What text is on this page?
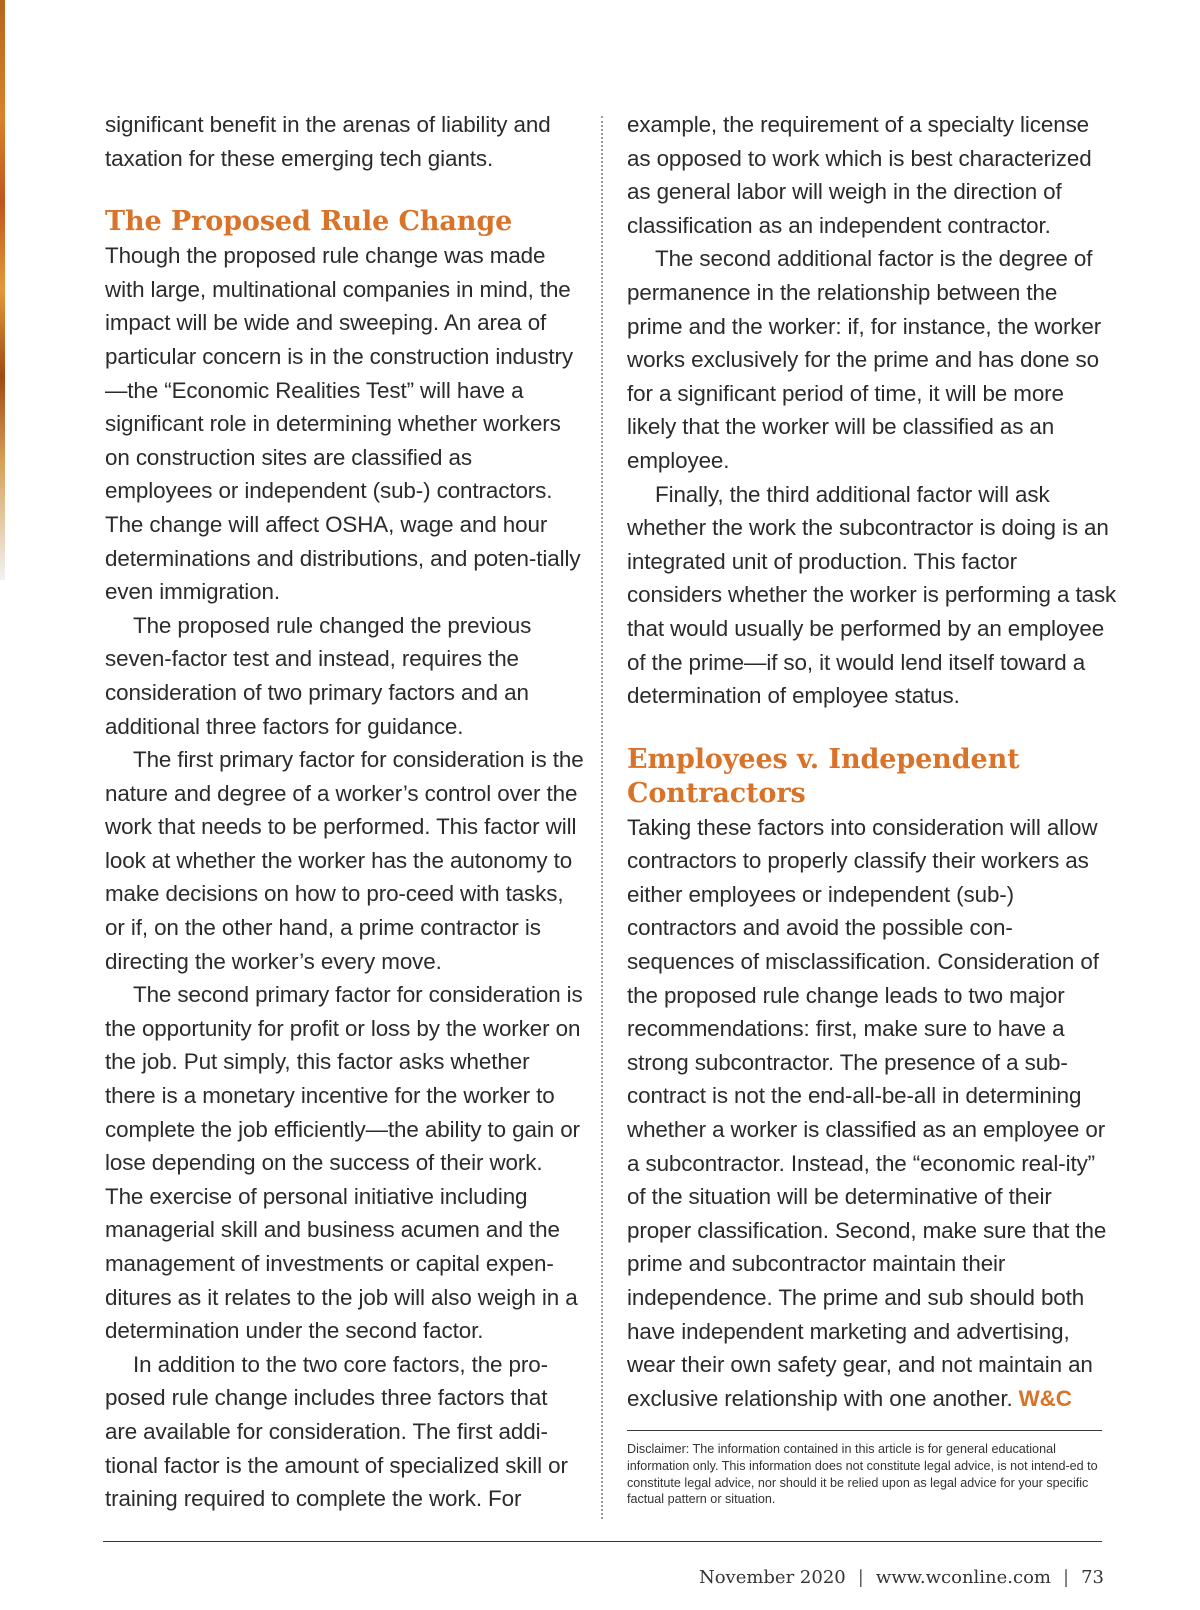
significant benefit in the arenas of liability and taxation for these emerging tech giants.

The Proposed Rule Change

Though the proposed rule change was made with large, multinational companies in mind, the impact will be wide and sweeping. An area of particular concern is in the construction industry—the “Economic Realities Test” will have a significant role in determining whether workers on construction sites are classified as employees or independent (sub-) contractors. The change will affect OSHA, wage and hour determinations and distributions, and poten-tially even immigration.

The proposed rule changed the previous seven-factor test and instead, requires the consideration of two primary factors and an additional three factors for guidance.

The first primary factor for consideration is the nature and degree of a worker’s control over the work that needs to be performed. This factor will look at whether the worker has the autonomy to make decisions on how to pro-ceed with tasks, or if, on the other hand, a prime contractor is directing the worker’s every move.

The second primary factor for consideration is the opportunity for profit or loss by the worker on the job. Put simply, this factor asks whether there is a monetary incentive for the worker to complete the job efficiently—the ability to gain or lose depending on the success of their work. The exercise of personal initiative including managerial skill and business acumen and the management of investments or capital expen-ditures as it relates to the job will also weigh in a determination under the second factor.

In addition to the two core factors, the pro-posed rule change includes three factors that are available for consideration. The first addi-tional factor is the amount of specialized skill or training required to complete the work. For

example, the requirement of a specialty license as opposed to work which is best characterized as general labor will weigh in the direction of classification as an independent contractor.

The second additional factor is the degree of permanence in the relationship between the prime and the worker: if, for instance, the worker works exclusively for the prime and has done so for a significant period of time, it will be more likely that the worker will be classified as an employee.

Finally, the third additional factor will ask whether the work the subcontractor is doing is an integrated unit of production. This factor considers whether the worker is performing a task that would usually be performed by an employee of the prime—if so, it would lend itself toward a determination of employee status.

Employees v. Independent Contractors

Taking these factors into consideration will allow contractors to properly classify their workers as either employees or independent (sub-) contractors and avoid the possible con-sequences of misclassification. Consideration of the proposed rule change leads to two major recommendations: first, make sure to have a strong subcontractor. The presence of a sub-contract is not the end-all-be-all in determining whether a worker is classified as an employee or a subcontractor. Instead, the “economic real-ity” of the situation will be determinative of their proper classification. Second, make sure that the prime and subcontractor maintain their independence. The prime and sub should both have independent marketing and advertising, wear their own safety gear, and not maintain an exclusive relationship with one another. W&C

Disclaimer: The information contained in this article is for general educational information only. This information does not constitute legal advice, is not intend-ed to constitute legal advice, nor should it be relied upon as legal advice for your specific factual pattern or situation.

November 2020 | www.wconline.com | 73
